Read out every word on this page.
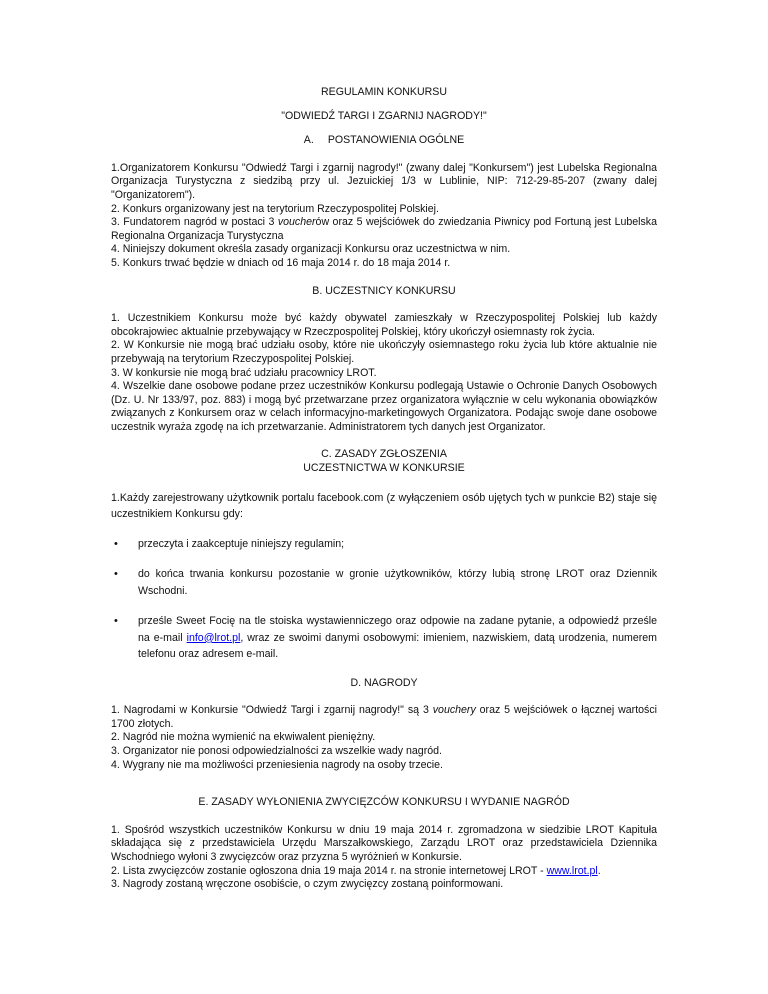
REGULAMIN KONKURSU

"ODWIEDŹ TARGI I ZGARNIJ NAGRODY!"

A. POSTANOWIENIA OGÓLNE

1.Organizatorem Konkursu "Odwiedź Targi i zgarnij nagrody!" (zwany dalej "Konkursem") jest Lubelska Regionalna Organizacja Turystyczna z siedzibą przy ul. Jezuickiej 1/3 w Lublinie, NIP: 712-29-85-207 (zwany dalej "Organizatorem").

2. Konkurs organizowany jest na terytorium Rzeczypospolitej Polskiej.

3. Fundatorem nagród w postaci 3 voucherów oraz 5 wejściówek do zwiedzania Piwnicy pod Fortuną jest Lubelska Regionalna Organizacja Turystyczna

4. Niniejszy dokument określa zasady organizacji Konkursu oraz uczestnictwa w nim.

5. Konkurs trwać będzie w dniach od 16 maja 2014 r. do 18 maja 2014 r.

B. UCZESTNICY KONKURSU

1. Uczestnikiem Konkursu może być każdy obywatel zamieszkały w Rzeczypospolitej Polskiej lub każdy obcokrajowiec aktualnie przebywający w Rzeczpospolitej Polskiej, który ukończył osiemnasty rok życia.

2. W Konkursie nie mogą brać udziału osoby, które nie ukończyły osiemnastego roku życia lub które aktualnie nie przebywają na terytorium Rzeczypospolitej Polskiej.

3. W konkursie nie mogą brać udziału pracownicy LROT.

4. Wszelkie dane osobowe podane przez uczestników Konkursu podlegają Ustawie o Ochronie Danych Osobowych (Dz. U. Nr 133/97, poz. 883) i mogą być przetwarzane przez organizatora wyłącznie w celu wykonania obowiązków związanych z Konkursem oraz w celach informacyjno-marketingowych Organizatora. Podając swoje dane osobowe uczestnik wyraża zgodę na ich przetwarzanie. Administratorem tych danych jest Organizator.

C. ZASADY ZGŁOSZENIA

UCZESTNICTWA W KONKURSIE

1.Każdy zarejestrowany użytkownik portalu facebook.com (z wyłączeniem osób ujętych tych w punkcie B2) staje się uczestnikiem Konkursu gdy:

• przeczyta i zaakceptuje niniejszy regulamin;
• do końca trwania konkursu pozostanie w gronie użytkowników, którzy lubią stronę LROT oraz Dziennik Wschodni.
• prześle Sweet Focię na tle stoiska wystawienniczego oraz odpowie na zadane pytanie, a odpowiedź prześle na e-mail info@lrot.pl, wraz ze swoimi danymi osobowymi: imieniem, nazwiskiem, datą urodzenia, numerem telefonu oraz adresem e-mail.

D. NAGRODY

1. Nagrodami w Konkursie "Odwiedź Targi i zgarnij nagrody!" są 3 vouchery oraz 5 wejściówek o łącznej wartości 1700 złotych.

2. Nagród nie można wymienić na ekwiwalent pieniężny.

3. Organizator nie ponosi odpowiedzialności za wszelkie wady nagród.

4. Wygrany nie ma możliwości przeniesienia nagrody na osoby trzecie.

E. ZASADY WYŁONIENIA ZWYCIĘZCÓW KONKURSU I WYDANIE NAGRÓD

1. Spośród wszystkich uczestników Konkursu w dniu 19 maja 2014 r. zgromadzona w siedzibie LROT Kapituła składająca się z przedstawiciela Urzędu Marszałkowskiego, Zarządu LROT oraz przedstawiciela Dziennika Wschodniego wyłoni 3 zwycięzców oraz przyzna 5 wyróżnień w Konkursie.

2. Lista zwycięzców zostanie ogłoszona dnia 19 maja 2014 r. na stronie internetowej LROT - www.lrot.pl.

3. Nagrody zostaną wręczone osobiście, o czym zwycięzcy zostaną poinformowani.
